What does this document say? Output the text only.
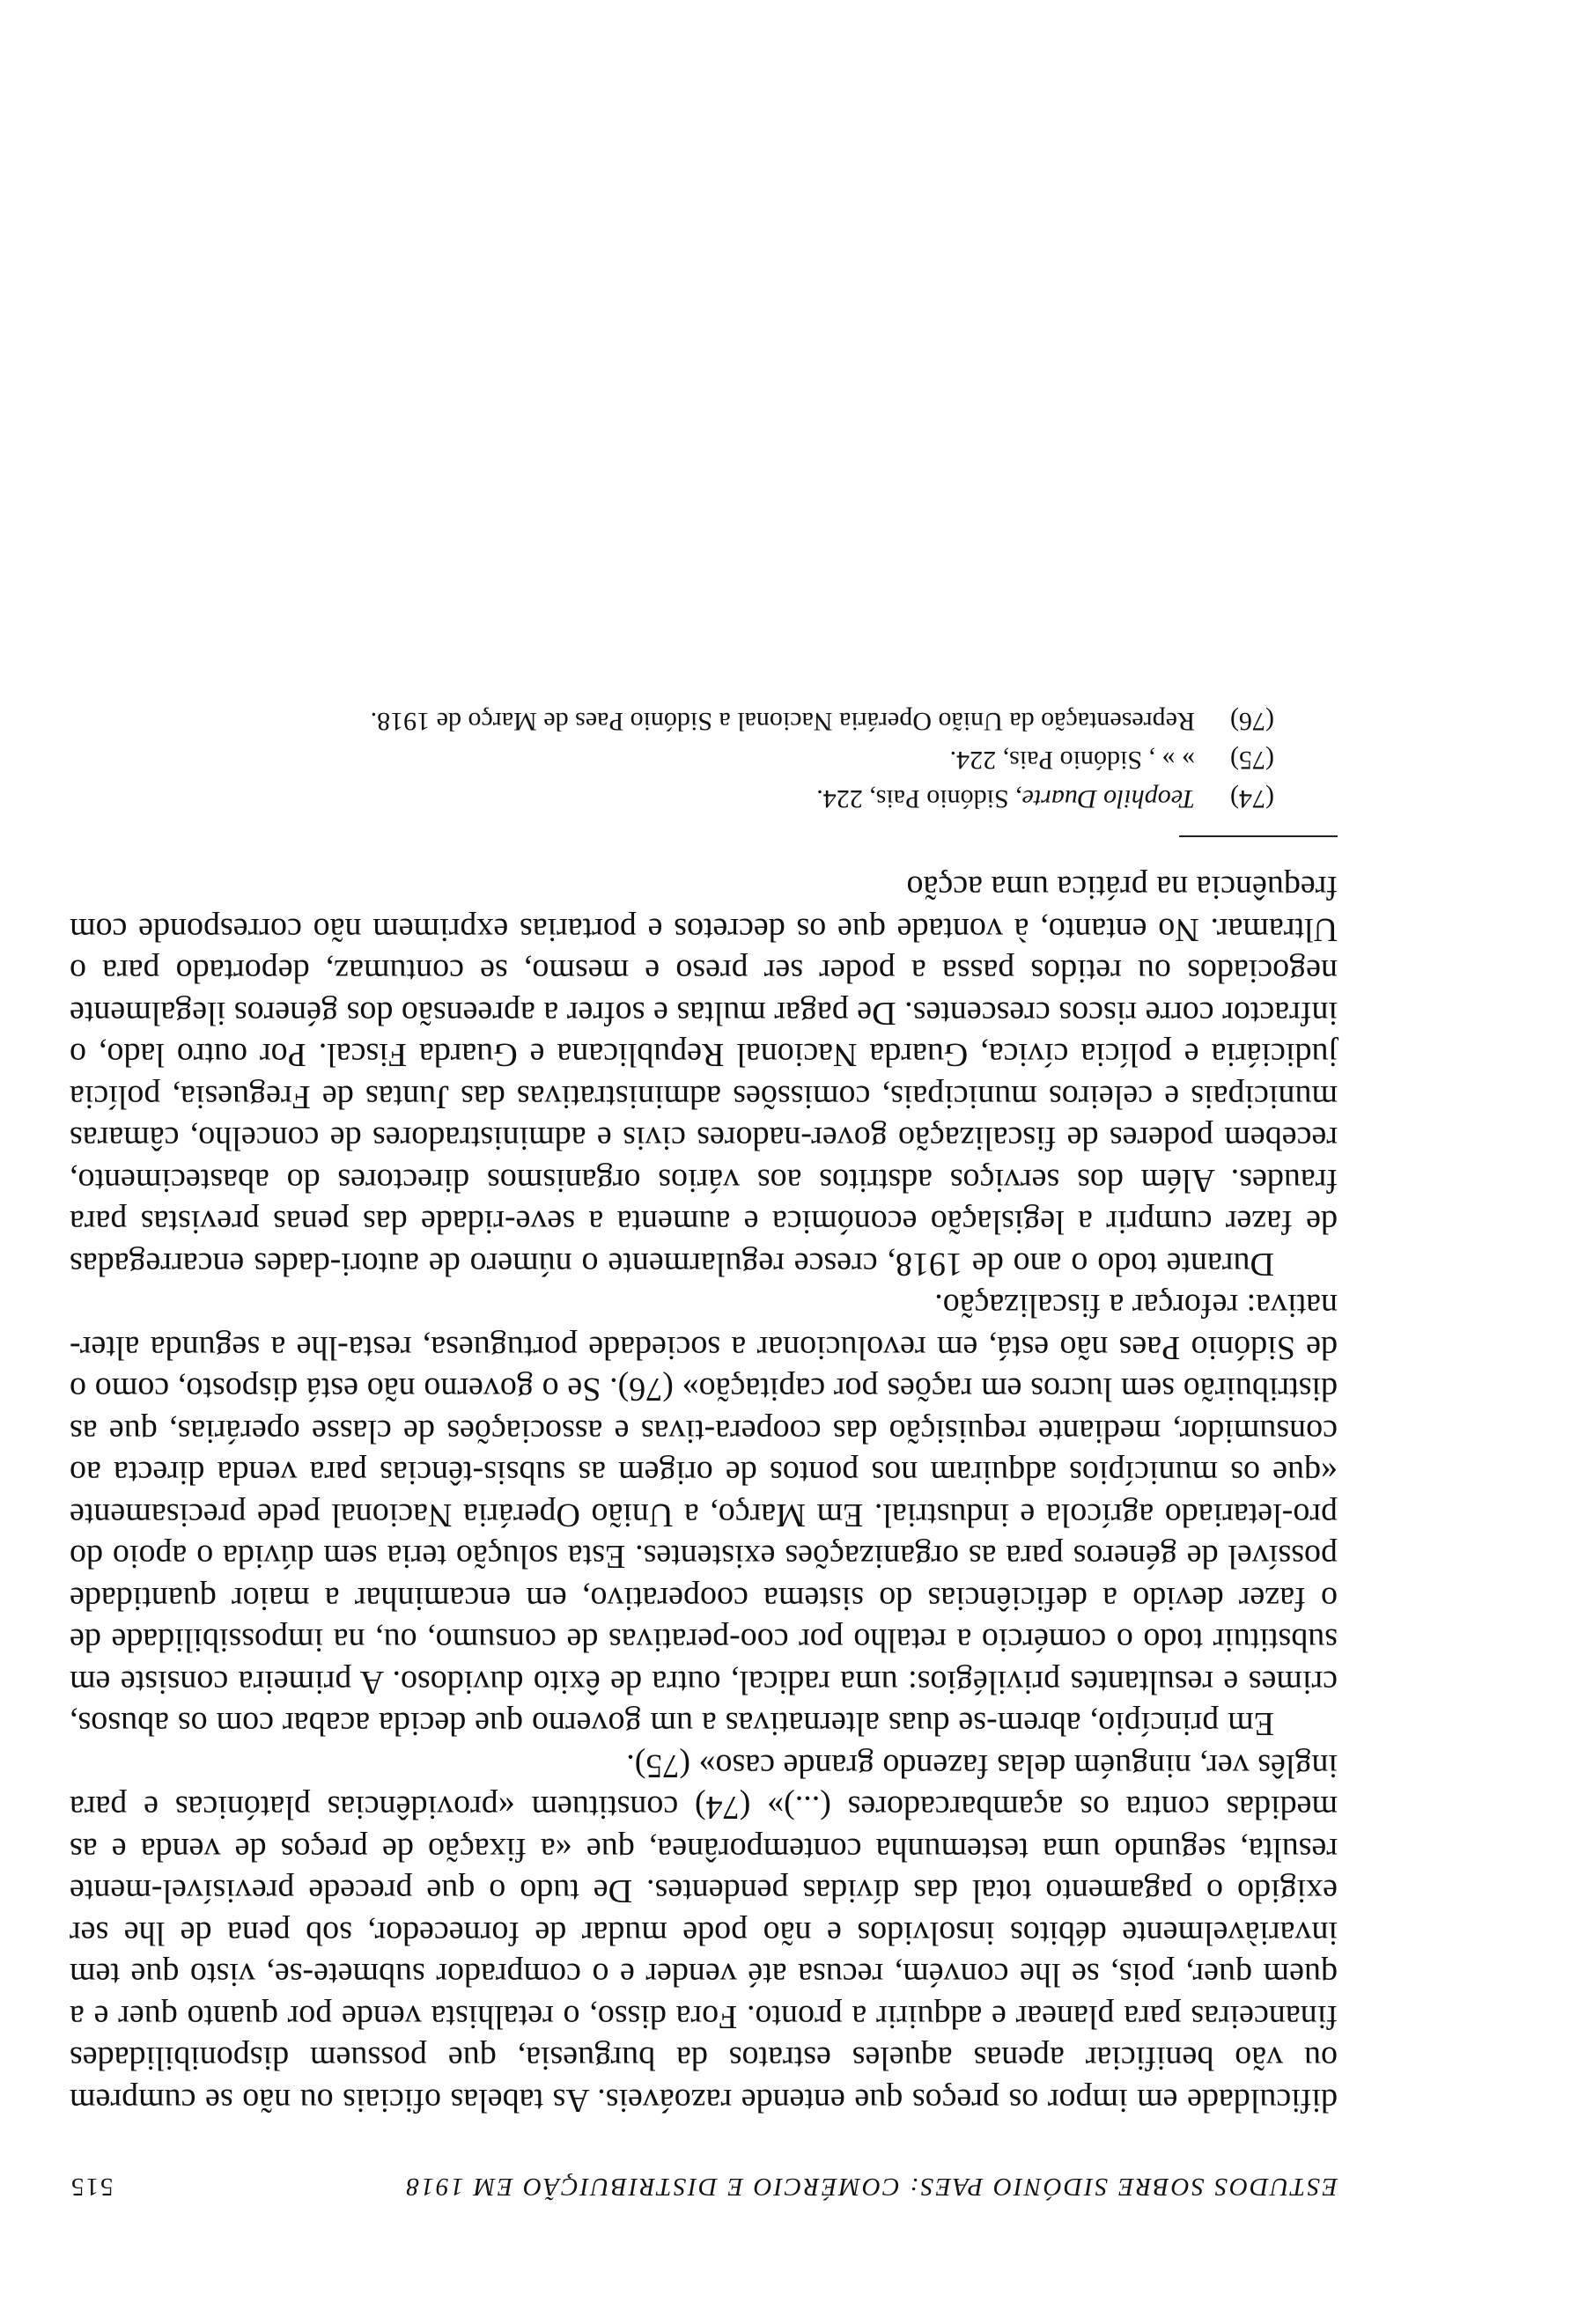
ESTUDOS SOBRE SIDÓNIO PAES: COMÉRCIO E DISTRIBUIÇÃO EM 1918
515

dificuldade em impor os preços que entende razoáveis. As tabelas oficiais ou não se cumprem ou vão benificiar apenas aqueles estratos da burguesia, que possuem disponibilidades financeiras para planear e adquirir a pronto. Fora disso, o retalhista vende por quanto quer e a quem quer, pois, se lhe convém, recusa até vender e o comprador submete-se, visto que tem invariàvelmente débitos insolvidos e não pode mudar de fornecedor, sob pena de lhe ser exigido o pagamento total das dívidas pendentes. De tudo o que precede previsível-mente resulta, segundo uma testemunha contemporânea, que «a fixação de preços de venda e as medidas contra os açambarcadores (...)» (74) constituem «providências platónicas e para inglês ver, ninguém delas fazendo grande caso» (75).

Em princípio, abrem-se duas alternativas a um governo que decida acabar com os abusos, crimes e resultantes privilégios: uma radical, outra de êxito duvidoso. A primeira consiste em substituir todo o comércio a retalho por coo-perativas de consumo, ou, na impossibilidade de o fazer devido a deficiências do sistema cooperativo, em encaminhar a maior quantidade possível de géneros para as organizações existentes. Esta solução teria sem dúvida o apoio do pro-letariado agrícola e industrial. Em Março, a União Operária Nacional pede precisamente «que os municípios adquiram nos pontos de origem as subsis-tências para venda directa ao consumidor, mediante requisição das coopera-tivas e associações de classe operárias, que as distribuirão sem lucros em rações por capitação» (76). Se o governo não está disposto, como o de Sidónio Paes não está, em revolucionar a sociedade portuguesa, resta-lhe a segunda alter-nativa: reforçar a fiscalização.

Durante todo o ano de 1918, cresce regularmente o número de autori-dades encarregadas de fazer cumprir a legislação económica e aumenta a seve-ridade das penas previstas para fraudes. Além dos serviços adstritos aos vários organismos directores do abastecimento, recebem poderes de fiscalização gover-nadores civis e administradores de concelho, câmaras municipais e celeiros municipais, comissões administrativas das Juntas de Freguesia, polícia judiciária e polícia cívica, Guarda Nacional Republicana e Guarda Fiscal. Por outro lado, o infractor corre riscos crescentes. De pagar multas e sofrer a apreensão dos géneros ilegalmente negociados ou retidos passa a poder ser preso e mesmo, se contumaz, deportado para o Ultramar. No entanto, à vontade que os decretos e portarias exprimem não corresponde com frequência na prática uma acção

(74)
Teophilo Duarte, Sidónio Pais, 224.
(75)
» » , Sidónio Pais, 224.
(76)
Representação da União Operária Nacional a Sidónio Paes de Março de 1918.
